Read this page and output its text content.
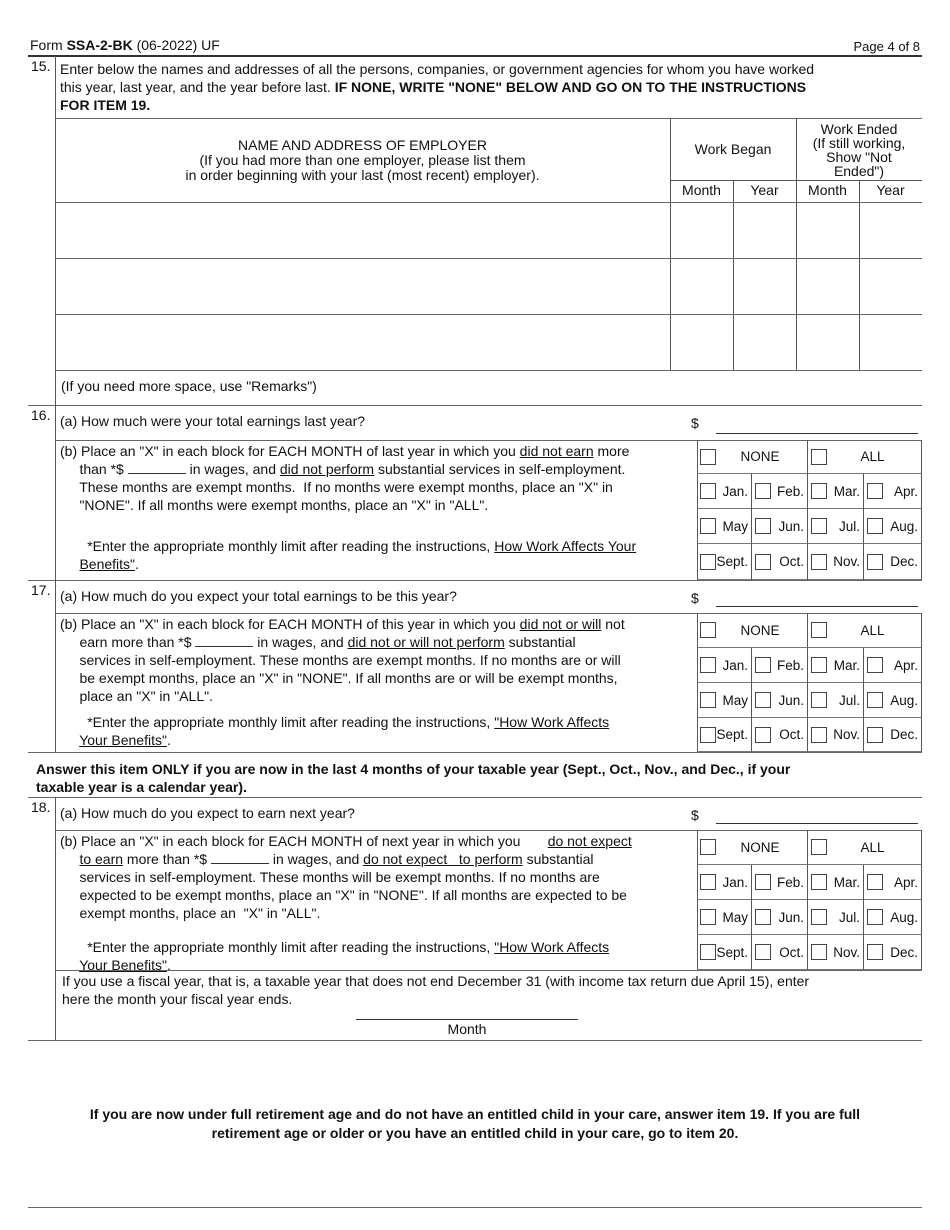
Form SSA-2-BK (06-2022) UF	Page 4 of 8
15. Enter below the names and addresses of all the persons, companies, or government agencies for whom you have worked
this year, last year, and the year before last. IF NONE, WRITE "NONE" BELOW AND GO ON TO THE INSTRUCTIONS
FOR ITEM 19.
NAME AND ADDRESS OF EMPLOYER
(If you had more than one employer, please list them
in order beginning with your last (most recent) employer).
Work Began
Work Ended
(If still working,
Show "Not
Ended")
Month	Year	Month	Year
(If you need more space, use "Remarks")
16. (a) How much were your total earnings last year?	$
(b) Place an "X" in each block for EACH MONTH of last year in which you did not earn more
than *$	in wages, and did not perform substantial services in self-employment.
These months are exempt months.  If no months were exempt months, place an "X" in
"NONE". If all months were exempt months, place an "X" in "ALL".
*Enter the appropriate monthly limit after reading the instructions, How Work Affects Your
Benefits".
NONE	ALL
Jan.	Feb.	Mar.	Apr.
May	Jun.	Jul.	Aug.
Sept.	Oct.	Nov.	Dec.
17. (a) How much do you expect your total earnings to be this year?	$
(b) Place an "X" in each block for EACH MONTH of this year in which you did not or will not
earn more than *$	in wages, and did not or will not perform substantial
services in self-employment. These months are exempt months. If no months are or will
be exempt months, place an "X" in "NONE". If all months are or will be exempt months,
place an "X" in "ALL".
*Enter the appropriate monthly limit after reading the instructions, "How Work Affects
Your Benefits".
NONE	ALL
Jan.	Feb.	Mar.	Apr.
May	Jun.	Jul.	Aug.
Sept.	Oct.	Nov.	Dec.
18. (a) How much do you expect to earn next year?	$
(b) Place an "X" in each block for EACH MONTH of next year in which you       do not expect
to earn more than *$	in wages, and do not expect   to perform substantial
services in self-employment. These months will be exempt months. If no months are
expected to be exempt months, place an "X" in "NONE". If all months are expected to be
exempt months, place an  "X" in "ALL".
*Enter the appropriate monthly limit after reading the instructions, "How Work Affects
Your Benefits".
NONE	ALL
Jan.	Feb.	Mar.	Apr.
May	Jun.	Jul.	Aug.
Sept.	Oct.	Nov.	Dec.
Answer this item ONLY if you are now in the last 4 months of your taxable year (Sept., Oct., Nov., and Dec., if your
taxable year is a calendar year).
If you use a fiscal year, that is, a taxable year that does not end December 31 (with income tax return due April 15), enter
here the month your fiscal year ends.
Month
If you are now under full retirement age and do not have an entitled child in your care, answer item 19. If you are full
retirement age or older or you have an entitled child in your care, go to item 20.
